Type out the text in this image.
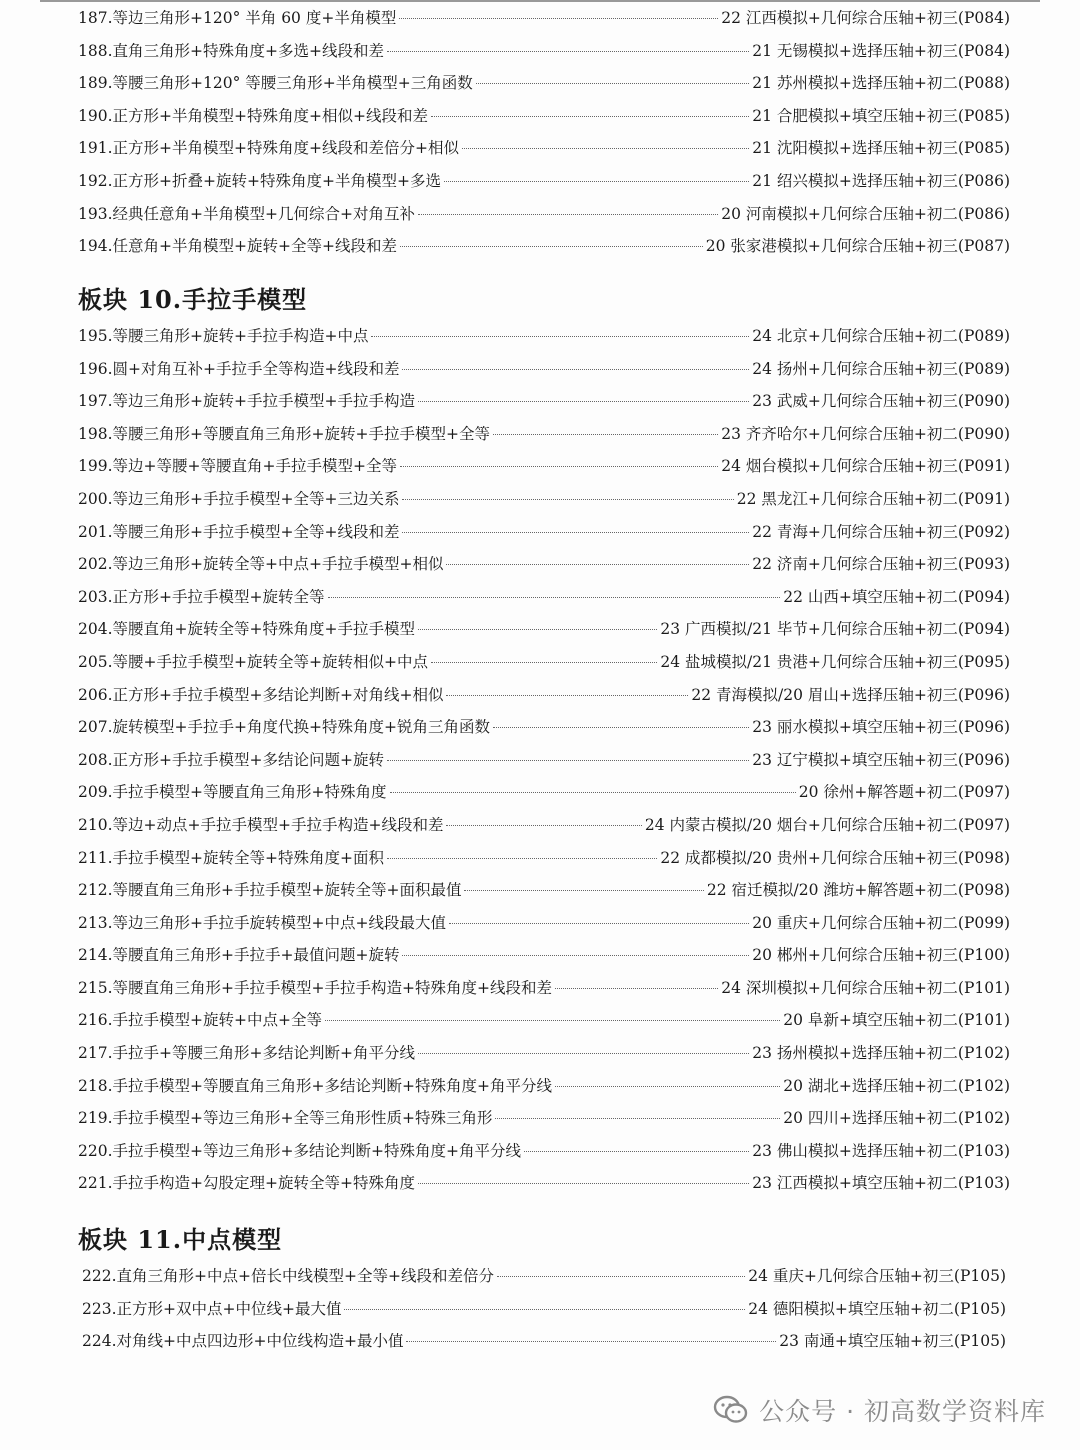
187. 等边三角形+120° 半角 60 度+半角模型	22 江西模拟+几何综合压轴+初三(P084)
188. 直角三角形+特殊角度+多选+线段和差	21 无锡模拟+选择压轴+初三(P084)
189. 等腰三角形+120° 等腰三角形+半角模型+三角函数	21 苏州模拟+选择压轴+初二(P088)
190. 正方形+半角模型+特殊角度+相似+线段和差	21 合肥模拟+填空压轴+初三(P085)
191. 正方形+半角模型+特殊角度+线段和差倍分+相似	21 沈阳模拟+选择压轴+初三(P085)
192. 正方形+折叠+旋转+特殊角度+半角模型+多选	21 绍兴模拟+选择压轴+初三(P086)
193. 经典任意角+半角模型+几何综合+对角互补	20 河南模拟+几何综合压轴+初二(P086)
194. 任意角+半角模型+旋转+全等+线段和差	20 张家港模拟+几何综合压轴+初三(P087)
板块 10.手拉手模型
195. 等腰三角形+旋转+手拉手构造+中点	24 北京+几何综合压轴+初二(P089)
196. 圆+对角互补+手拉手全等构造+线段和差	24 扬州+几何综合压轴+初三(P089)
197. 等边三角形+旋转+手拉手模型+手拉手构造	23 武威+几何综合压轴+初三(P090)
198. 等腰三角形+等腰直角三角形+旋转+手拉手模型+全等	23 齐齐哈尔+几何综合压轴+初二(P090)
199. 等边+等腰+等腰直角+手拉手模型+全等	24 烟台模拟+几何综合压轴+初三(P091)
200. 等边三角形+手拉手模型+全等+三边关系	22 黑龙江+几何综合压轴+初二(P091)
201. 等腰三角形+手拉手模型+全等+线段和差	22 青海+几何综合压轴+初三(P092)
202. 等边三角形+旋转全等+中点+手拉手模型+相似	22 济南+几何综合压轴+初三(P093)
203. 正方形+手拉手模型+旋转全等	22 山西+填空压轴+初二(P094)
204. 等腰直角+旋转全等+特殊角度+手拉手模型	23 广西模拟/21 毕节+几何综合压轴+初二(P094)
205. 等腰+手拉手模型+旋转全等+旋转相似+中点	24 盐城模拟/21 贵港+几何综合压轴+初三(P095)
206. 正方形+手拉手模型+多结论判断+对角线+相似	22 青海模拟/20 眉山+选择压轴+初三(P096)
207. 旋转模型+手拉手+角度代换+特殊角度+锐角三角函数	23 丽水模拟+填空压轴+初三(P096)
208. 正方形+手拉手模型+多结论问题+旋转	23 辽宁模拟+填空压轴+初三(P096)
209. 手拉手模型+等腰直角三角形+特殊角度	20 徐州+解答题+初二(P097)
210. 等边+动点+手拉手模型+手拉手构造+线段和差	24 内蒙古模拟/20 烟台+几何综合压轴+初二(P097)
211. 手拉手模型+旋转全等+特殊角度+面积	22 成都模拟/20 贵州+几何综合压轴+初三(P098)
212. 等腰直角三角形+手拉手模型+旋转全等+面积最值	22 宿迁模拟/20 潍坊+解答题+初二(P098)
213. 等边三角形+手拉手旋转模型+中点+线段最大值	20 重庆+几何综合压轴+初二(P099)
214. 等腰直角三角形+手拉手+最值问题+旋转	20 郴州+几何综合压轴+初三(P100)
215. 等腰直角三角形+手拉手模型+手拉手构造+特殊角度+线段和差	24 深圳模拟+几何综合压轴+初二(P101)
216. 手拉手模型+旋转+中点+全等	20 阜新+填空压轴+初二(P101)
217. 手拉手+等腰三角形+多结论判断+角平分线	23 扬州模拟+选择压轴+初二(P102)
218. 手拉手模型+等腰直角三角形+多结论判断+特殊角度+角平分线	20 湖北+选择压轴+初二(P102)
219. 手拉手模型+等边三角形+全等三角形性质+特殊三角形	20 四川+选择压轴+初二(P102)
220. 手拉手模型+等边三角形+多结论判断+特殊角度+角平分线	23 佛山模拟+选择压轴+初二(P103)
221. 手拉手构造+勾股定理+旋转全等+特殊角度	23 江西模拟+填空压轴+初二(P103)
板块 11.中点模型
222. 直角三角形+中点+倍长中线模型+全等+线段和差倍分	24 重庆+几何综合压轴+初三(P105)
223. 正方形+双中点+中位线+最大值	24 德阳模拟+填空压轴+初二(P105)
224. 对角线+中点四边形+中位线构造+最小值	23 南通+填空压轴+初三(P105)
公众号 · 初高数学资料库
